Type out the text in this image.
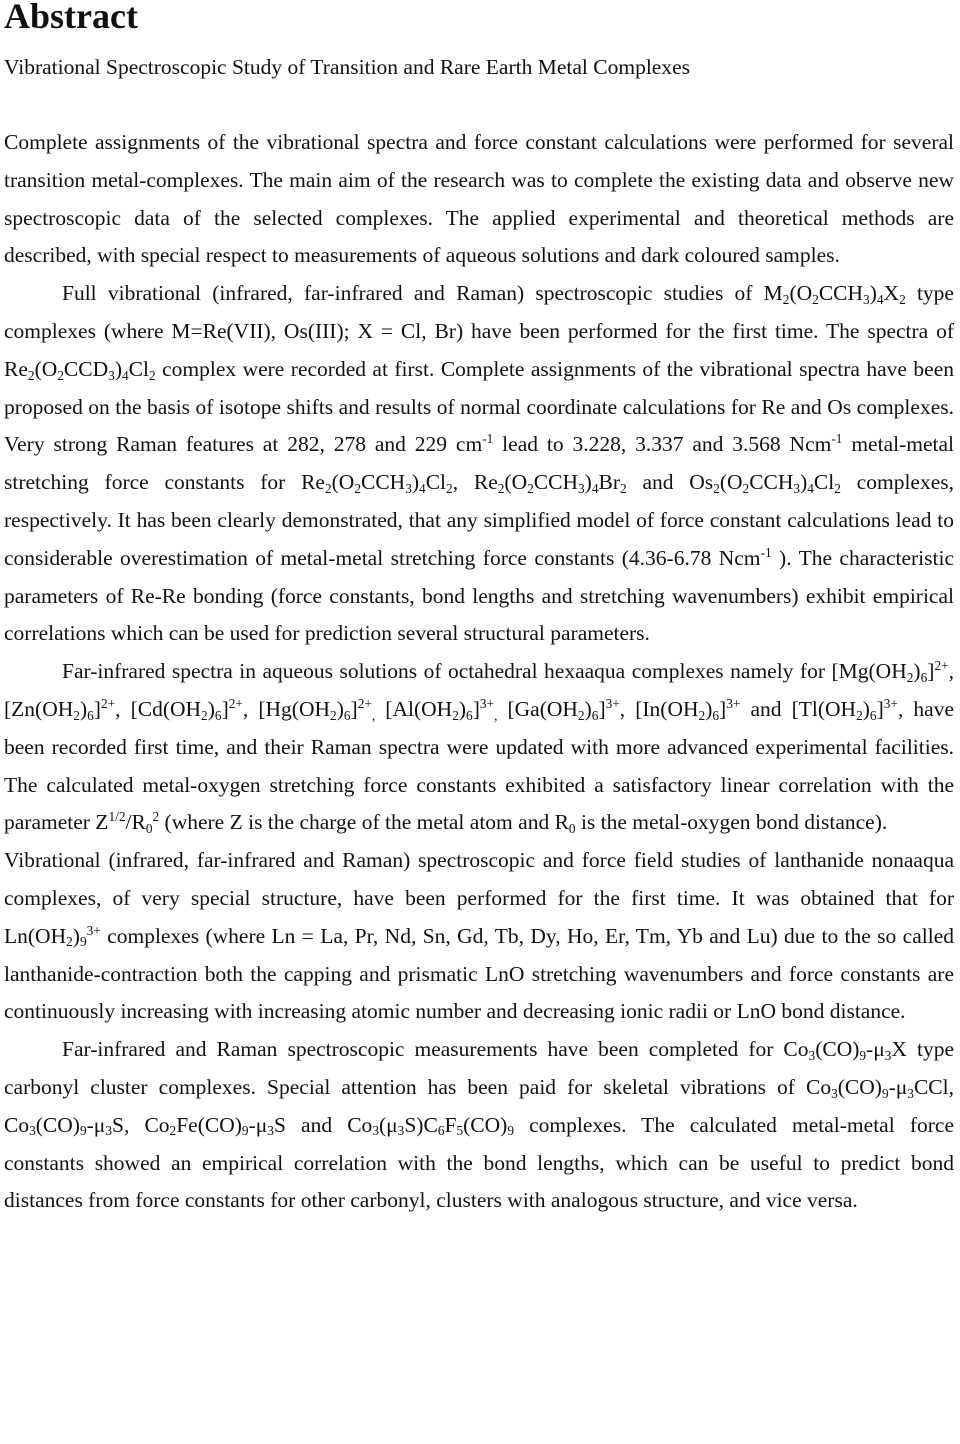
Abstract
Vibrational Spectroscopic Study of Transition and Rare Earth Metal Complexes

Complete assignments of the vibrational spectra and force constant calculations were performed for several transition metal-complexes. The main aim of the research was to complete the existing data and observe new spectroscopic data of the selected complexes. The applied experimental and theoretical methods are described, with special respect to measurements of aqueous solutions and dark coloured samples.

Full vibrational (infrared, far-infrared and Raman) spectroscopic studies of $M_2(O_2CCH_3)_4X_2$ type complexes (where M=Re(VII), Os(III); X = Cl, Br) have been performed for the first time. The spectra of $Re_2(O_2CCD_3)_4Cl_2$ complex were recorded at first. Complete assignments of the vibrational spectra have been proposed on the basis of isotope shifts and results of normal coordinate calculations for Re and Os complexes. Very strong Raman features at 282, 278 and 229 $cm^{-1}$ lead to 3.228, 3.337 and 3.568 Ncm$^{-1}$ metal-metal stretching force constants for $Re_2(O_2CCH_3)_4Cl_2$, $Re_2(O_2CCH_3)_4Br_2$ and $Os_2(O_2CCH_3)_4Cl_2$ complexes, respectively. It has been clearly demonstrated, that any simplified model of force constant calculations lead to considerable overestimation of metal-metal stretching force constants (4.36-6.78 Ncm$^{-1}$ ). The characteristic parameters of Re-Re bonding (force constants, bond lengths and stretching wavenumbers) exhibit empirical correlations which can be used for prediction several structural parameters.

Far-infrared spectra in aqueous solutions of octahedral hexaaqua complexes namely for $[Mg(OH_2)_6]^{2+}$, $[Zn(OH_2)_6]^{2+}$, $[Cd(OH_2)_6]^{2+}$, $[Hg(OH_2)_6]^{2+}_,$ $[Al(OH_2)_6]^{3+}_,$ $[Ga(OH_2)_6]^{3+}$, $[In(OH_2)_6]^{3+}$ and $[Tl(OH_2)_6]^{3+}$, have been recorded first time, and their Raman spectra were updated with more advanced experimental facilities. The calculated metal-oxygen stretching force constants exhibited a satisfactory linear correlation with the parameter $Z^{1/2}/R_0^2$ (where Z is the charge of the metal atom and $R_0$ is the metal-oxygen bond distance).

Vibrational (infrared, far-infrared and Raman) spectroscopic and force field studies of lanthanide nonaaqua complexes, of very special structure, have been performed for the first time. It was obtained that for $Ln(OH_2)_9^{3+}$ complexes (where Ln = La, Pr, Nd, Sn, Gd, Tb, Dy, Ho, Er, Tm, Yb and Lu) due to the so called lanthanide-contraction both the capping and prismatic LnO stretching wavenumbers and force constants are continuously increasing with increasing atomic number and decreasing ionic radii or LnO bond distance.

Far-infrared and Raman spectroscopic measurements have been completed for $Co_3(CO)_9-\mu_3X$ type carbonyl cluster complexes. Special attention has been paid for skeletal vibrations of $Co_3(CO)_9-\mu_3CCl$, $Co_3(CO)_9-\mu_3S$, $Co_2Fe(CO)_9-\mu_3S$ and $Co_3(\mu_3S)C_6F_5(CO)_9$ complexes. The calculated metal-metal force constants showed an empirical correlation with the bond lengths, which can be useful to predict bond distances from force constants for other carbonyl, clusters with analogous structure, and vice versa.
